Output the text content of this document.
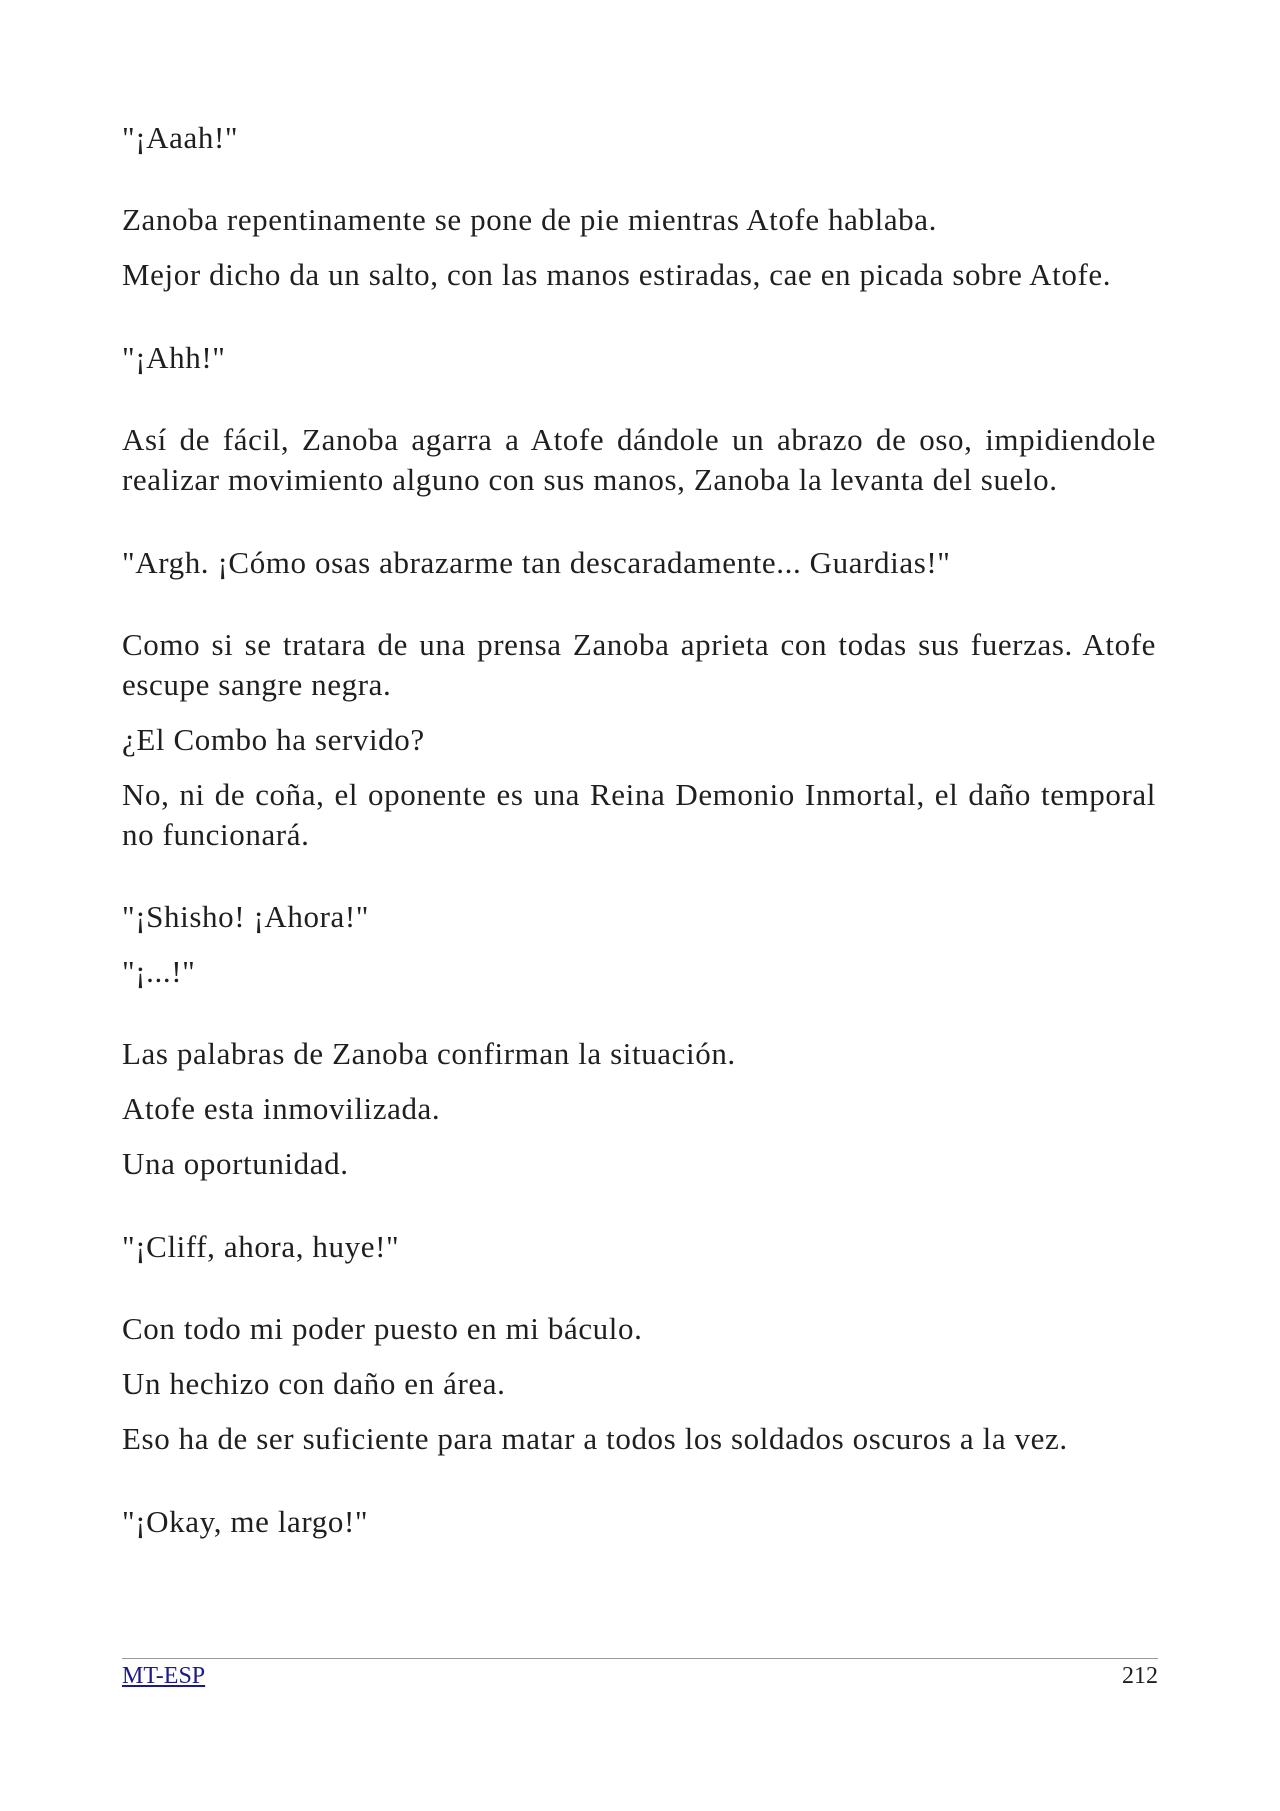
"¡Aaah!"

Zanoba repentinamente se pone de pie mientras Atofe hablaba.

Mejor dicho da un salto, con las manos estiradas, cae en picada sobre Atofe.

"¡Ahh!"

Así de fácil, Zanoba agarra a Atofe dándole un abrazo de oso, impidiendole realizar movimiento alguno con sus manos, Zanoba la levanta del suelo.

"Argh. ¡Cómo osas abrazarme tan descaradamente... Guardias!"

Como si se tratara de una prensa Zanoba aprieta con todas sus fuerzas. Atofe escupe sangre negra.

¿El Combo ha servido?

No, ni de coña, el oponente es una Reina Demonio Inmortal, el daño temporal no funcionará.

"¡Shisho! ¡Ahora!"

"¡...!"

Las palabras de Zanoba confirman la situación.

Atofe esta inmovilizada.

Una oportunidad.

"¡Cliff, ahora, huye!"

Con todo mi poder puesto en mi báculo.

Un hechizo con daño en área.

Eso ha de ser suficiente para matar a todos los soldados oscuros a la vez.

"¡Okay, me largo!"

MT-ESP	212
